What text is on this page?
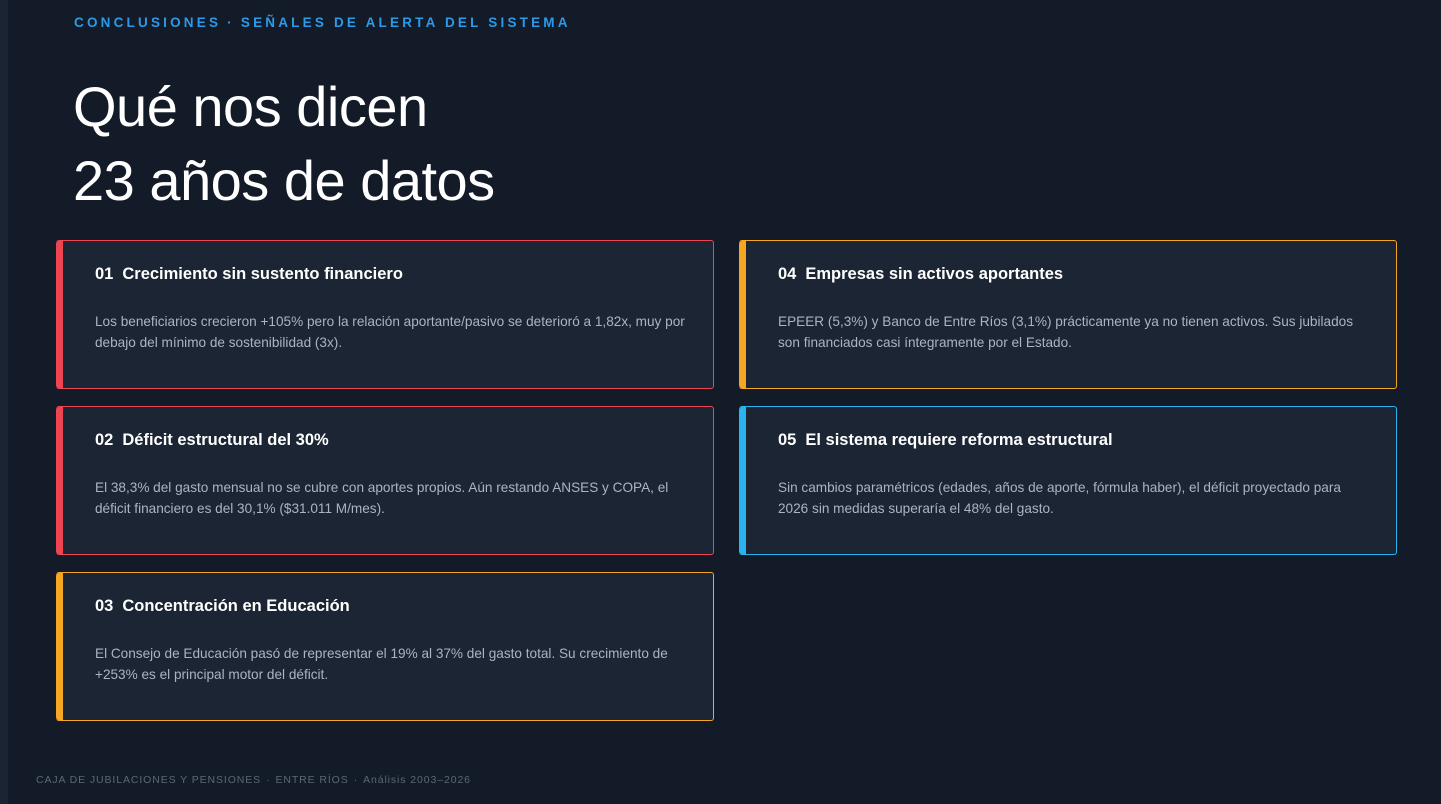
CONCLUSIONES · SEÑALES DE ALERTA DEL SISTEMA
Qué nos dicen
23 años de datos
01 Crecimiento sin sustento financiero
Los beneficiarios crecieron +105% pero la relación aportante/pasivo se deterioró a 1,82x, muy por debajo del mínimo de sostenibilidad (3x).
02 Déficit estructural del 30%
El 38,3% del gasto mensual no se cubre con aportes propios. Aún restando ANSES y COPA, el déficit financiero es del 30,1% ($31.011 M/mes).
03 Concentración en Educación
El Consejo de Educación pasó de representar el 19% al 37% del gasto total. Su crecimiento de +253% es el principal motor del déficit.
04 Empresas sin activos aportantes
EPEER (5,3%) y Banco de Entre Ríos (3,1%) prácticamente ya no tienen activos. Sus jubilados son financiados casi íntegramente por el Estado.
05 El sistema requiere reforma estructural
Sin cambios paramétricos (edades, años de aporte, fórmula haber), el déficit proyectado para 2026 sin medidas superaría el 48% del gasto.
CAJA DE JUBILACIONES Y PENSIONES · ENTRE RÍOS · Análisis 2003–2026
